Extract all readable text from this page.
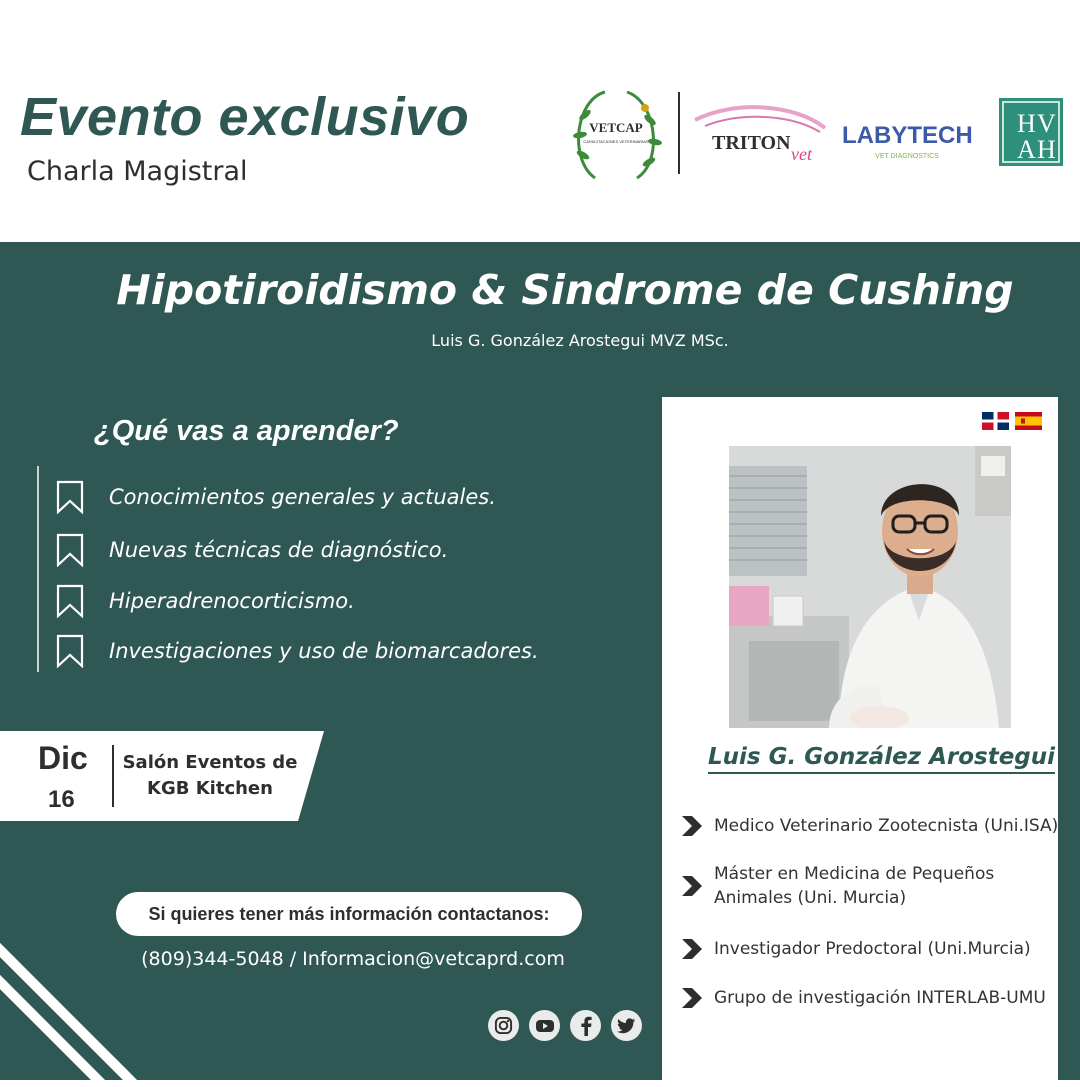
Evento exclusivo
Charla Magistral
VETCAP
CAPACITACIONES VETERINARIAS	TRITON vet
LABYTECH
VET DIAGNOSTICS
H V
A H
Hipotiroidismo & Sindrome de Cushing
Luis G. González Arostegui MVZ MSc.
¿Qué vas a aprender?
Conocimientos generales y actuales.
Nuevas técnicas de diagnóstico.
Hiperadrenocorticismo.
Investigaciones y uso de biomarcadores.
Dic
16
Salón Eventos de KGB Kitchen
Si quieres tener más información contactanos:
(809)344-5048 / Informacion@vetcaprd.com
Luis G. González Arostegui
Medico Veterinario Zootecnista (Uni.ISA)
Máster en Medicina de Pequeños Animales (Uni. Murcia)
Investigador Predoctoral (Uni.Murcia)
Grupo de investigación INTERLAB-UMU
